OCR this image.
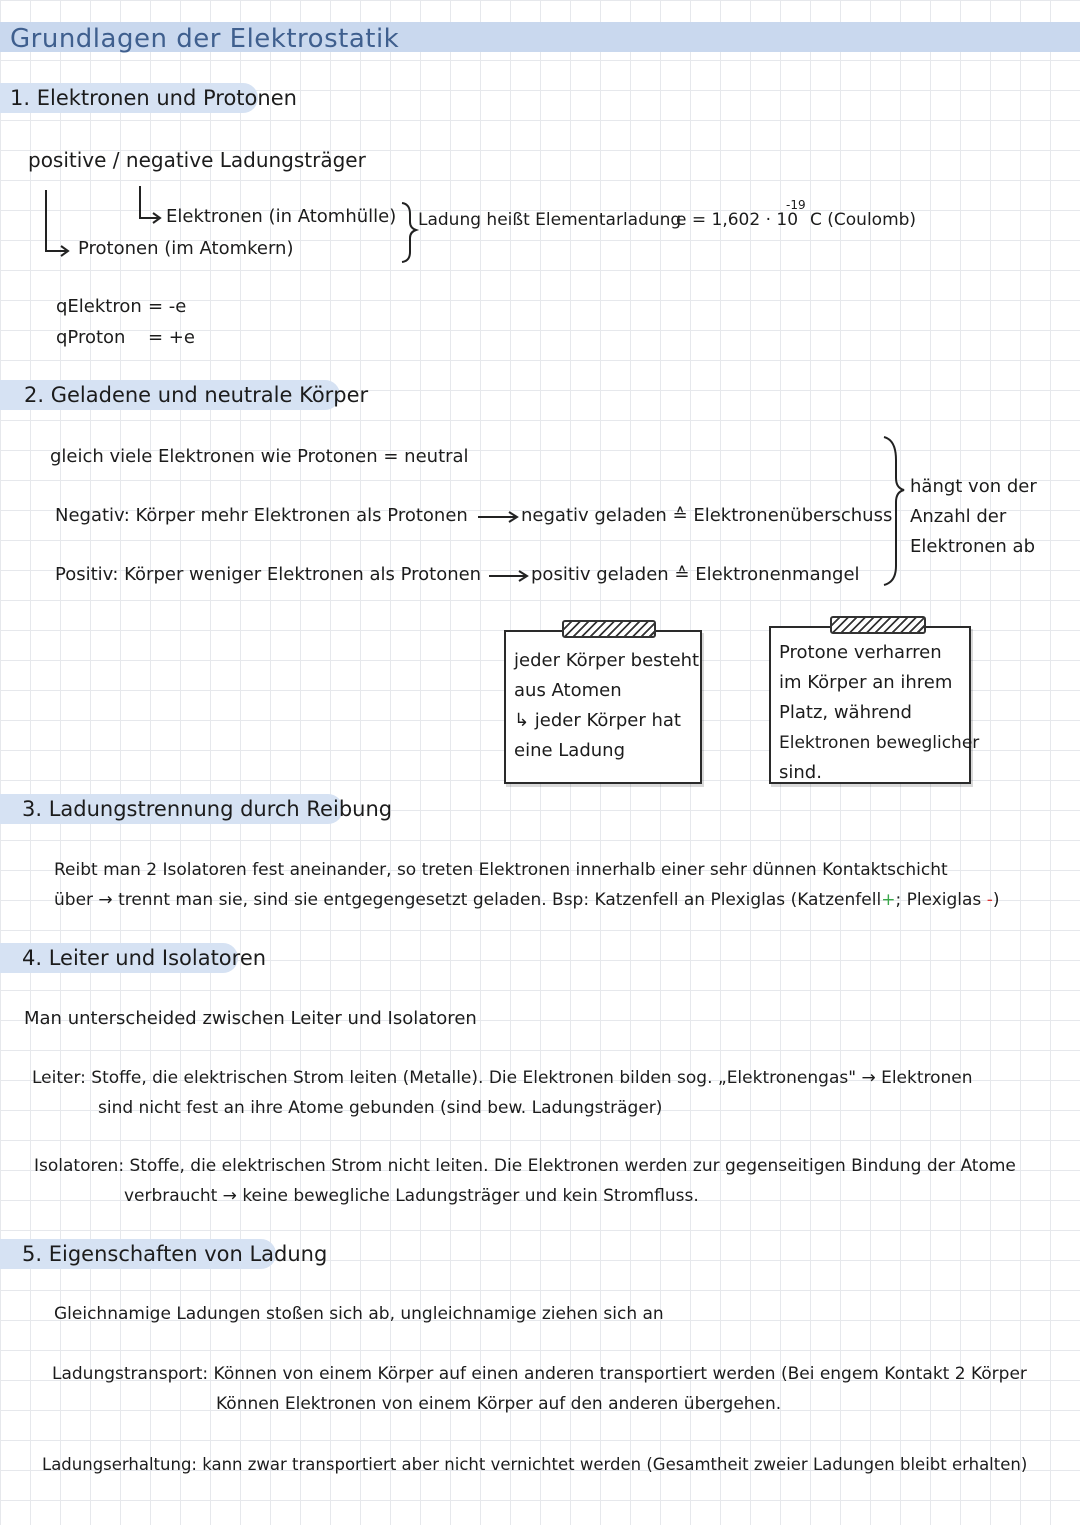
Grundlagen der Elektrostatik
1. Elektronen und Protonen
positive / negative Ladungsträger
Elektronen (in Atomhülle)
Protonen (im Atomkern)
Ladung heißt Elementarladung
e = 1,602 · 10
-19
C (Coulomb)
qElektron = -e
qProton = +e
2. Geladene und neutrale Körper
gleich viele Elektronen wie Protonen = neutral
Negativ: Körper mehr Elektronen als Protonen	negativ geladen ≙ Elektronenüberschuss
Positiv: Körper weniger Elektronen als Protonen	positiv geladen ≙ Elektronenmangel
hängt von der
Anzahl der
Elektronen ab

jeder Körper besteht

aus Atomen

↳ jeder Körper hat

eine Ladung

Protone verharren

im Körper an ihrem

Platz, während

Elektronen beweglicher

sind.

3. Ladungstrennung durch Reibung
Reibt man 2 Isolatoren fest aneinander, so treten Elektronen innerhalb einer sehr dünnen Kontaktschicht
über → trennt man sie, sind sie entgegengesetzt geladen. Bsp: Katzenfell an Plexiglas (Katzenfell+; Plexiglas -)
4. Leiter und Isolatoren
Man unterscheided zwischen Leiter und Isolatoren
Leiter: Stoffe, die elektrischen Strom leiten (Metalle). Die Elektronen bilden sog. „Elektronengas" → Elektronen
sind nicht fest an ihre Atome gebunden (sind bew. Ladungsträger)
Isolatoren: Stoffe, die elektrischen Strom nicht leiten. Die Elektronen werden zur gegenseitigen Bindung der Atome
verbraucht → keine bewegliche Ladungsträger und kein Stromfluss.
5. Eigenschaften von Ladung
Gleichnamige Ladungen stoßen sich ab, ungleichnamige ziehen sich an
Ladungstransport: Können von einem Körper auf einen anderen transportiert werden (Bei engem Kontakt 2 Körper
Können Elektronen von einem Körper auf den anderen übergehen.
Ladungserhaltung: kann zwar transportiert aber nicht vernichtet werden (Gesamtheit zweier Ladungen bleibt erhalten)
